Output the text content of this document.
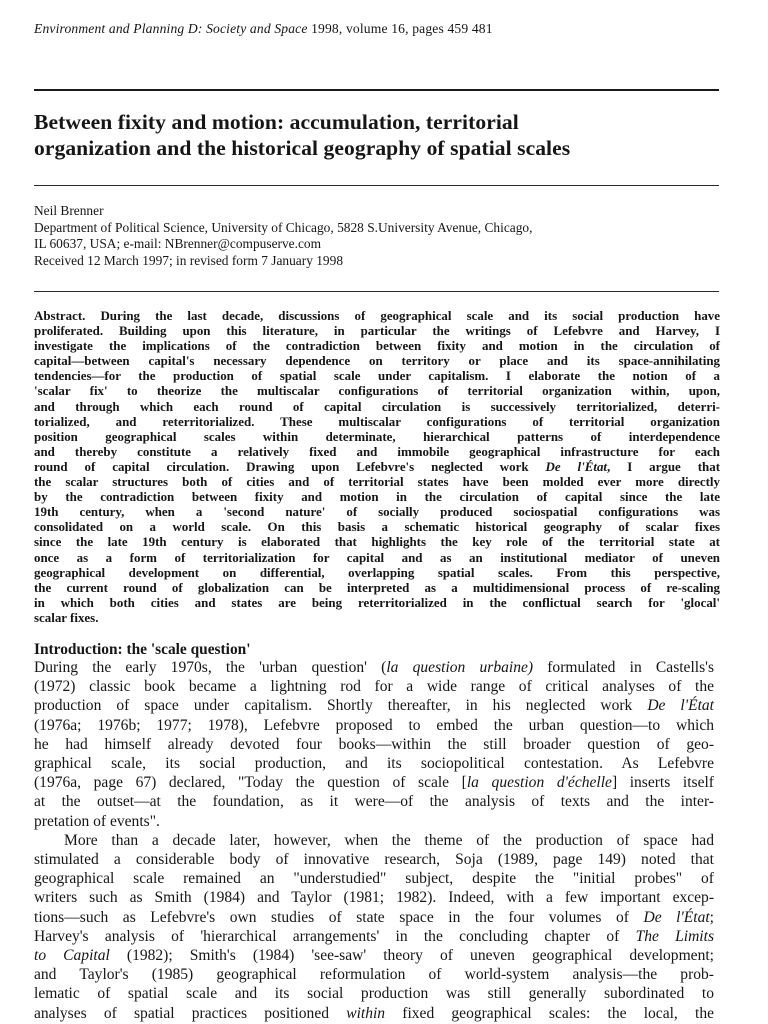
Environment and Planning D: Society and Space 1998, volume 16, pages 459 481
Between fixity and motion: accumulation, territorial
organization and the historical geography of spatial scales
Neil Brenner
Department of Political Science, University of Chicago, 5828 S.University Avenue, Chicago,
IL 60637, USA; e-mail: NBrenner@compuserve.com
Received 12 March 1997; in revised form 7 January 1998
Abstract. During the last decade, discussions of geographical scale and its social production have
proliferated. Building upon this literature, in particular the writings of Lefebvre and Harvey, I
investigate the implications of the contradiction between fixity and motion in the circulation of
capital—between capital's necessary dependence on territory or place and its space-annihilating
tendencies—for the production of spatial scale under capitalism. I elaborate the notion of a
'scalar fix' to theorize the multiscalar configurations of territorial organization within, upon,
and through which each round of capital circulation is successively territorialized, deterri-
torialized, and reterritorialized. These multiscalar configurations of territorial organization
position geographical scales within determinate, hierarchical patterns of interdependence
and thereby constitute a relatively fixed and immobile geographical infrastructure for each
round of capital circulation. Drawing upon Lefebvre's neglected work De l'État, I argue that
the scalar structures both of cities and of territorial states have been molded ever more directly
by the contradiction between fixity and motion in the circulation of capital since the late
19th century, when a 'second nature' of socially produced sociospatial configurations was
consolidated on a world scale. On this basis a schematic historical geography of scalar fixes
since the late 19th century is elaborated that highlights the key role of the territorial state at
once as a form of territorialization for capital and as an institutional mediator of uneven
geographical development on differential, overlapping spatial scales. From this perspective,
the current round of globalization can be interpreted as a multidimensional process of re-scaling
in which both cities and states are being reterritorialized in the conflictual search for 'glocal'
scalar fixes.
Introduction: the 'scale question'
During the early 1970s, the 'urban question' (la question urbaine) formulated in Castells's
(1972) classic book became a lightning rod for a wide range of critical analyses of the
production of space under capitalism. Shortly thereafter, in his neglected work De l'État
(1976a; 1976b; 1977; 1978), Lefebvre proposed to embed the urban question—to which
he had himself already devoted four books—within the still broader question of geo-
graphical scale, its social production, and its sociopolitical contestation. As Lefebvre
(1976a, page 67) declared, "Today the question of scale [la question d'échelle] inserts itself
at the outset—at the foundation, as it were—of the analysis of texts and the inter-
pretation of events".
More than a decade later, however, when the theme of the production of space had
stimulated a considerable body of innovative research, Soja (1989, page 149) noted that
geographical scale remained an "understudied" subject, despite the "initial probes" of
writers such as Smith (1984) and Taylor (1981; 1982). Indeed, with a few important excep-
tions—such as Lefebvre's own studies of state space in the four volumes of De l'État;
Harvey's analysis of 'hierarchical arrangements' in the concluding chapter of The Limits
to Capital (1982); Smith's (1984) 'see-saw' theory of uneven geographical development;
and Taylor's (1985) geographical reformulation of world-system analysis—the prob-
lematic of spatial scale and its social production was still generally subordinated to
analyses of spatial practices positioned within fixed geographical scales: the local, the
